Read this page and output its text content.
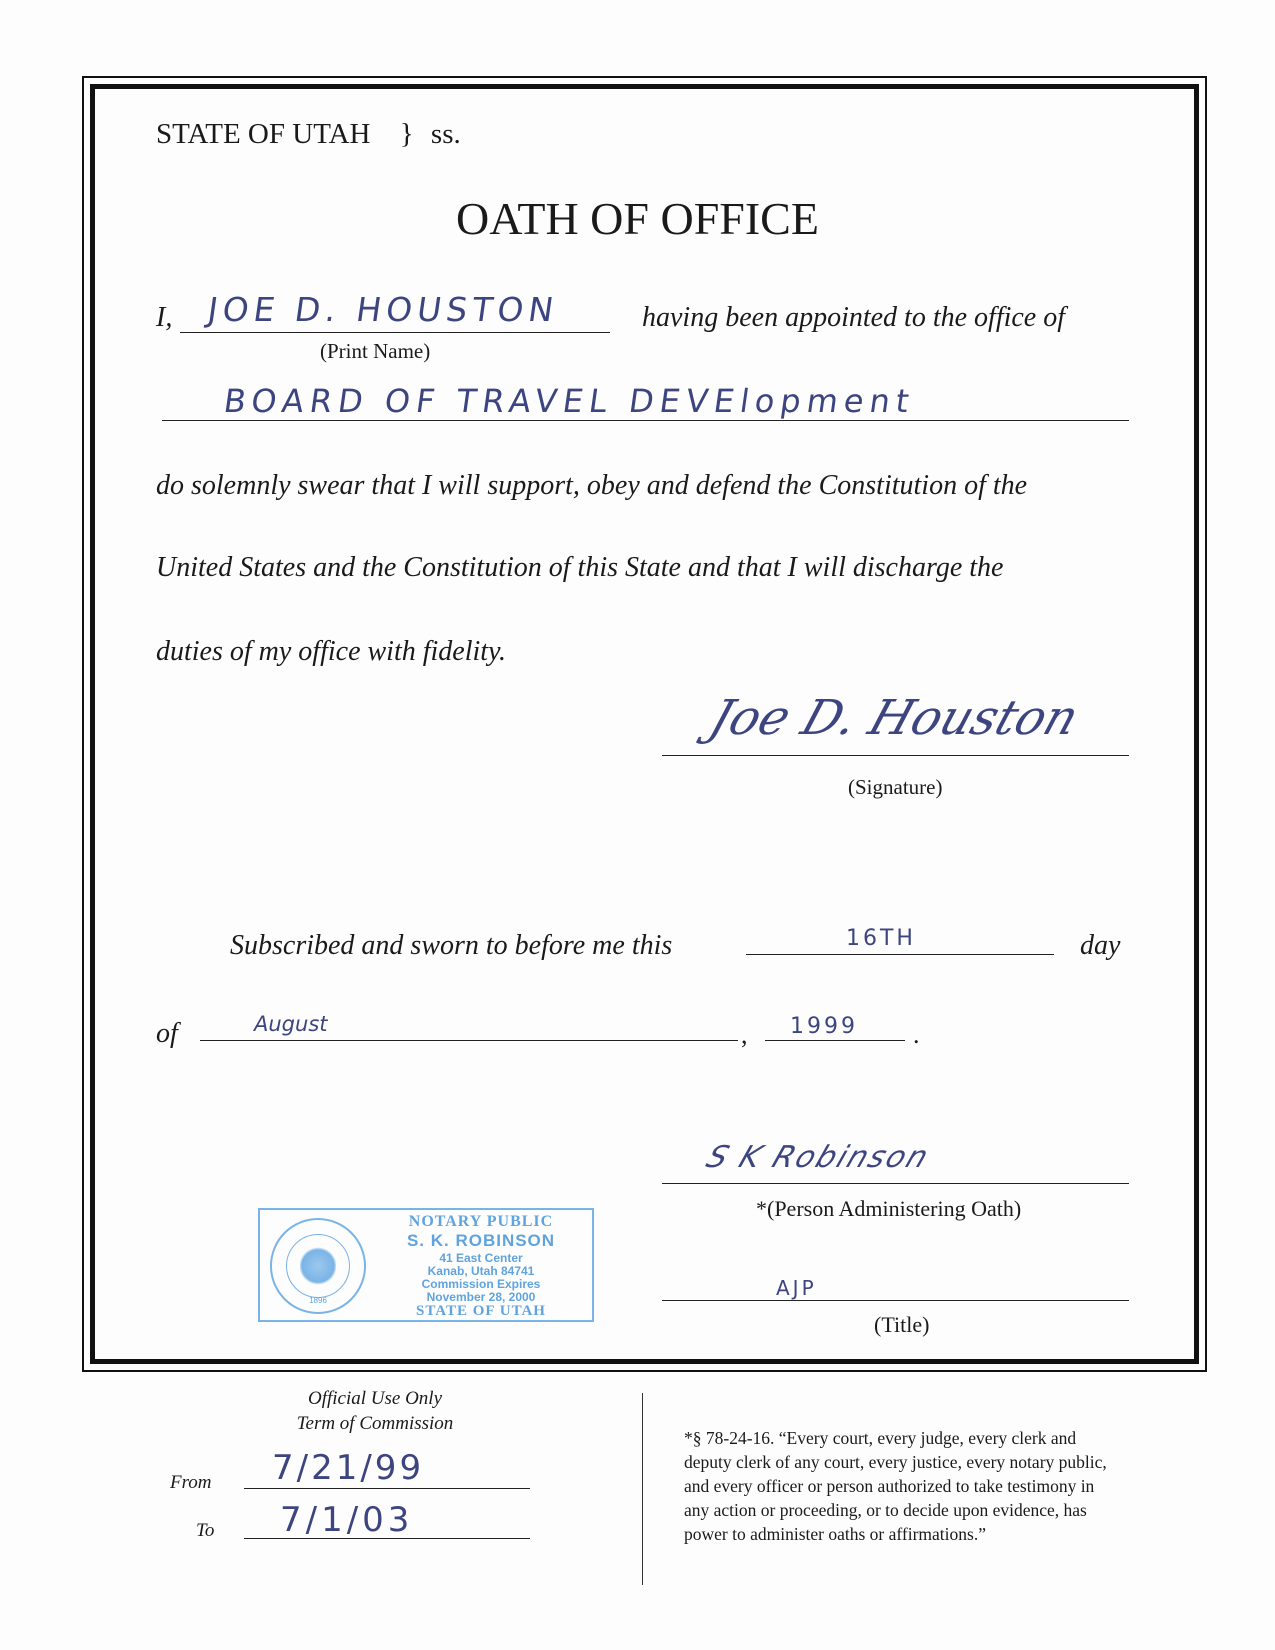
STATE OF UTAH } ss.
OATH OF OFFICE
I, JOE D. HOUSTON
(Print Name)
having been appointed to the office of
BOARD OF TRAVEL DEVElopment
do solemnly swear that I will support, obey and defend the Constitution of the
United States and the Constitution of this State and that I will discharge the
duties of my office with fidelity.
Joe D. Houston
(Signature)
Subscribed and sworn to before me this	16TH	day
of	August	, 1999 .
S K Robinson
*(Person Administering Oath)
AJP
(Title)
1896
NOTARY PUBLIC
S. K. ROBINSON
41 East Center
Kanab, Utah 84741
Commission Expires
November 28, 2000
STATE OF UTAH
Official Use Only
Term of Commission
From 7/21/99
To 7/1/03
*§ 78-24-16. “Every court, every judge, every clerk and
deputy clerk of any court, every justice, every notary public,
and every officer or person authorized to take testimony in
any action or proceeding, or to decide upon evidence, has
power to administer oaths or affirmations.”
